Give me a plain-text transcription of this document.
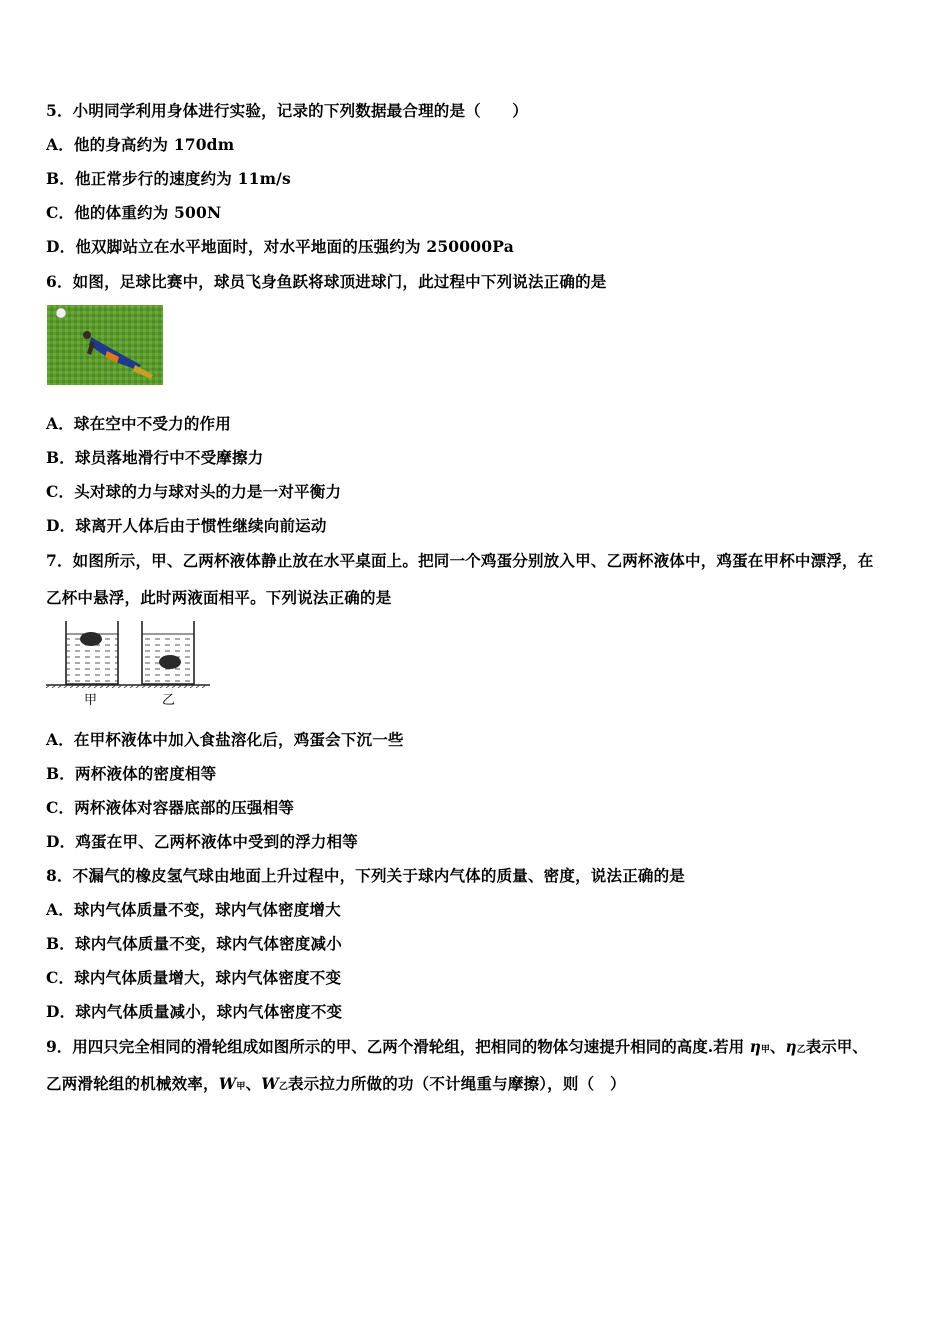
5．小明同学利用身体进行实验，记录的下列数据最合理的是（　　）
A．他的身高约为 170dm
B．他正常步行的速度约为 11m/s
C．他的体重约为 500N
D．他双脚站立在水平地面时，对水平地面的压强约为 250000Pa
6．如图，足球比赛中，球员飞身鱼跃将球顶进球门，此过程中下列说法正确的是
A．球在空中不受力的作用
B．球员落地滑行中不受摩擦力
C．头对球的力与球对头的力是一对平衡力
D．球离开人体后由于惯性继续向前运动
7．如图所示，甲、乙两杯液体静止放在水平桌面上。把同一个鸡蛋分别放入甲、乙两杯液体中，鸡蛋在甲杯中漂浮，在
乙杯中悬浮，此时两液面相平。下列说法正确的是
甲	乙
A．在甲杯液体中加入食盐溶化后，鸡蛋会下沉一些
B．两杯液体的密度相等
C．两杯液体对容器底部的压强相等
D．鸡蛋在甲、乙两杯液体中受到的浮力相等
8．不漏气的橡皮氢气球由地面上升过程中，下列关于球内气体的质量、密度，说法正确的是
A．球内气体质量不变，球内气体密度增大
B．球内气体质量不变，球内气体密度减小
C．球内气体质量增大，球内气体密度不变
D．球内气体质量减小，球内气体密度不变
9．用四只完全相同的滑轮组成如图所示的甲、乙两个滑轮组，把相同的物体匀速提升相同的高度.若用 η甲、η乙表示甲、
乙两滑轮组的机械效率，W甲、W乙表示拉力所做的功（不计绳重与摩擦），则（　）
